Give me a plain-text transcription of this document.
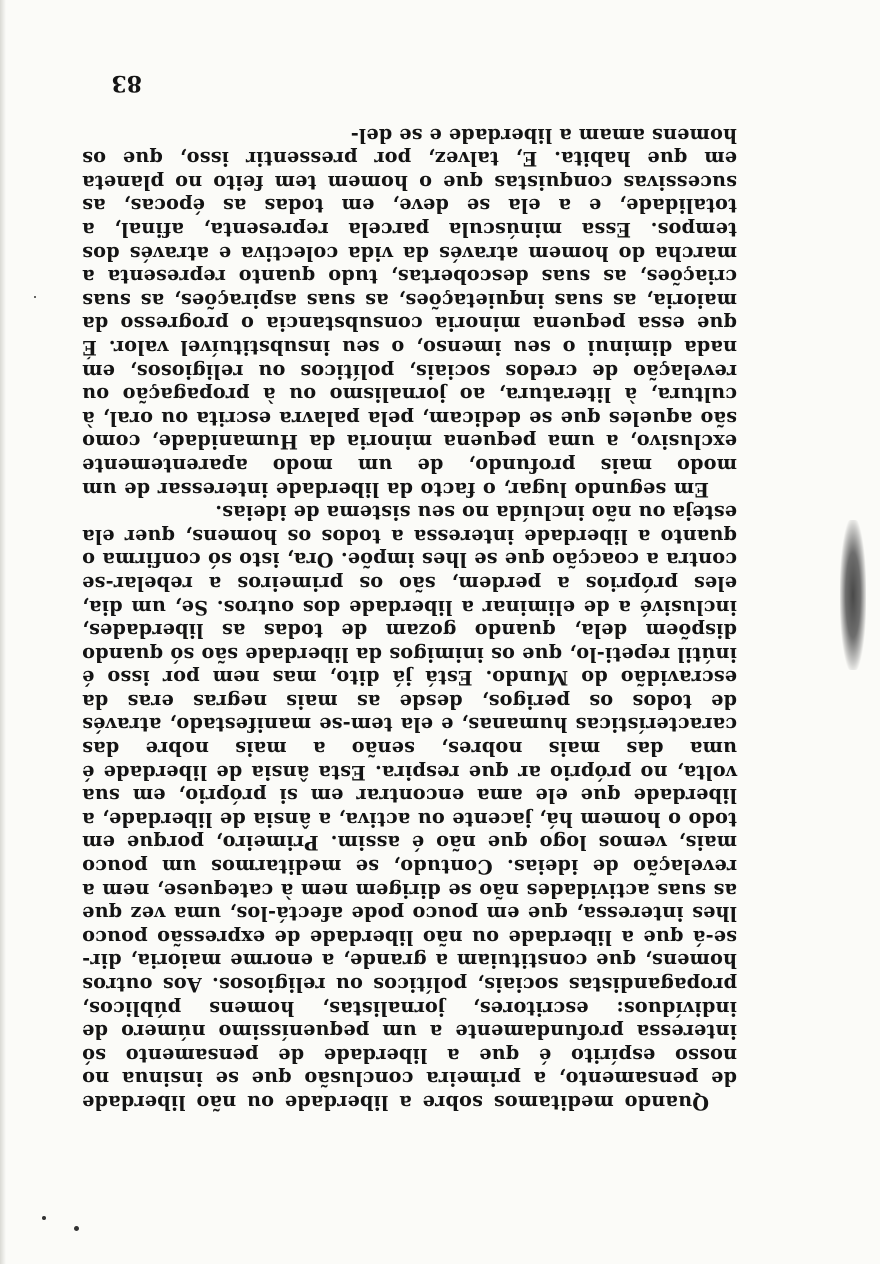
83

Quando meditamos sobre a liberdade ou não liberdade de pensamento, a primeira conclusão que se insinua no nosso espírito é que a liberdade de pensamento só interessa profundamente a um pequeníssimo número de indivíduos: escritores, jornalistas, homens públicos, propagandistas sociais, políticos ou religiosos. Aos outros homens, que constituiam a grande, a enorme maioria, dir-se-á que a liberdade ou não liberdade de expressão pouco lhes interessa, que em pouco pode afectá-los, uma vez que as suas actividades não se dirigem nem à catequese, nem a revelação de ideias. Contudo, se meditarmos um pouco mais, vemos logo que não é assim. Primeiro, porque em todo o homem há, jacente ou activa, a ânsia de liberdade, a liberdade que ele ama encontrar em si próprio, em sua volta, no próprio ar que respira. Esta ânsia de liberdade é uma das mais nobres, senão a mais nobre das características humanas, e ela tem-se manifestado, através de todos os perigos, desde as mais negras eras da escravidão do Mundo. Está já dito, mas nem por isso é inútil repeti-lo, que os inimigos da liberdade são só quando dispõem dela, quando gozam de todas as liberdades, inclusivé a de eliminar a liberdade dos outros. Se, um dia, eles próprios a perdem, são os primeiros a rebelar-se contra a coacção que se lhes impõe. Ora, isto só confirma o quanto a liberdade interessa a todos os homens, quer ela esteja ou não incluída no seu sistema de ideias.

Em segundo lugar, o facto da liberdade interessar de um modo mais profundo, de um modo aparentemente exclusivo, a uma pequena minoria da Humanidade, como são aqueles que se dedicam, pela palavra escrita ou oral, à cultura, à literatura, ao jornalismo ou à propagação ou revelação de credos sociais, políticos ou religiosos, em nada diminui o seu imenso, o seu insubstituível valor. É que essa pequena minoria consubstancia o progresso da maioria, as suas inquietações, as suas aspirações, as suas criações, as suas descobertas, tudo quanto representa a marcha do homem através da vida colectiva e através dos tempos. Essa minúscula parcela representa, afinal, a totalidade, e a ela se deve, em todas as épocas, as sucessivas conquistas que o homem tem feito no planeta em que habita. E, talvez, por pressentir isso, que os homens amam a liberdade e se del-
